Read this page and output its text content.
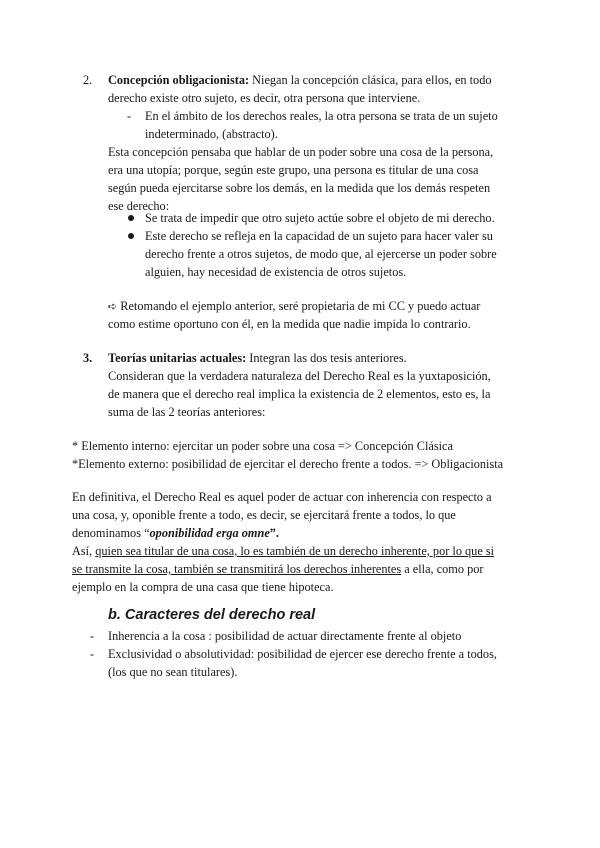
2. Concepción obligacionista: Niegan la concepción clásica, para ellos, en todo
derecho existe otro sujeto, es decir, otra persona que interviene.
- En el ámbito de los derechos reales, la otra persona se trata de un sujeto
indeterminado, (abstracto).
Esta concepción pensaba que hablar de un poder sobre una cosa de la persona,
era una utopía; porque, según este grupo, una persona es titular de una cosa
según pueda ejercitarse sobre los demás, en la medida que los demás respeten
ese derecho:
Se trata de impedir que otro sujeto actúe sobre el objeto de mi derecho.
Este derecho se refleja en la capacidad de un sujeto para hacer valer su
derecho frente a otros sujetos, de modo que, al ejercerse un poder sobre
alguien, hay necesidad de existencia de otros sujetos.
➪ Retomando el ejemplo anterior, seré propietaria de mi CC y puedo actuar
como estime oportuno con él, en la medida que nadie impida lo contrario.
3. Teorías unitarias actuales: Integran las dos tesis anteriores.
Consideran que la verdadera naturaleza del Derecho Real es la yuxtaposición,
de manera que el derecho real implica la existencia de 2 elementos, esto es, la
suma de las 2 teorías anteriores:
* Elemento interno: ejercitar un poder sobre una cosa => Concepción Clásica
*Elemento externo: posibilidad de ejercitar el derecho frente a todos. => Obligacionista
En definitiva, el Derecho Real es aquel poder de actuar con inherencia con respecto a
una cosa, y, oponible frente a todo, es decir, se ejercitará frente a todos, lo que
denominamos “oponibilidad erga omne”.
Así, quien sea titular de una cosa, lo es también de un derecho inherente, por lo que si
se transmite la cosa, también se transmitirá los derechos inherentes a ella, como por
ejemplo en la compra de una casa que tiene hipoteca.
b. Caracteres del derecho real
- Inherencia a la cosa : posibilidad de actuar directamente frente al objeto
- Exclusividad o absolutividad: posibilidad de ejercer ese derecho frente a todos,
(los que no sean titulares).
